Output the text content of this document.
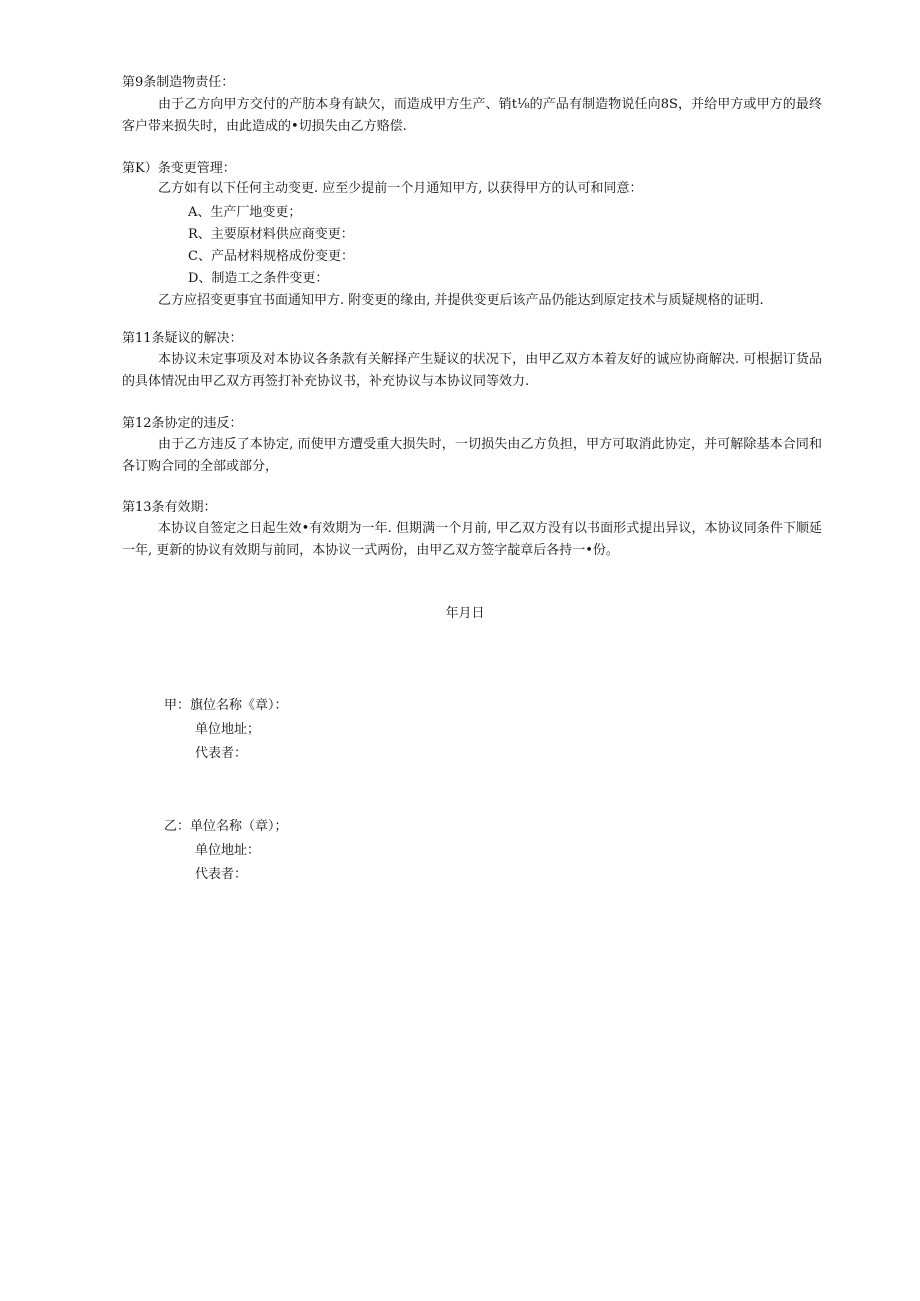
第9条制造物责任：
由于乙方向甲方交付的产肪本身有缺欠，而造成甲方生产、销t⅛的产品有制造物说任向8S，并给甲方或甲方的最终客户带来损失时，由此造成的•切损失由乙方赂偿.
第K）条变更管理：
乙方如有以下任何主动变更. 应至少提前一个月通知甲方, 以获得甲方的认可和同意：
A、生产厂地变更；
R、主要原材料供应商变更：
C、产品材料规格成份变更：
D、制造工之条件变更：
乙方应招变更事宜书面通知甲方. 附变更的缘由, 并提供变更后该产品仍能达到原定技术与质疑规格的证明.
第11条疑议的解决：
本协议未定事项及对本协议各条款有关解择产生疑议的状况下，由甲乙双方本着友好的诚应协商解决. 可根据订货品的具体情况由甲乙双方再签打补充协议书，补充协议与本协议同等效力.
第12条协定的违反：
由于乙方违反了本协定, 而使甲方遭受重大损失时，一切损失由乙方负担，甲方可取消此协定，并可解除基本合同和各订购合同的全部或部分，
第13条有效期：
本协议自签定之日起生效•有效期为一年. 但期满一个月前, 甲乙双方没有以书面形式提出异议，本协议同条件下顺延一年, 更新的协议有效期与前同，本协议一式两份，由甲乙双方签字靛章后各持一•份。
年月日
甲：旗位名称《章）：
单位地址；
代表者：
乙：单位名称（章）；
单位地址：
代表者：
